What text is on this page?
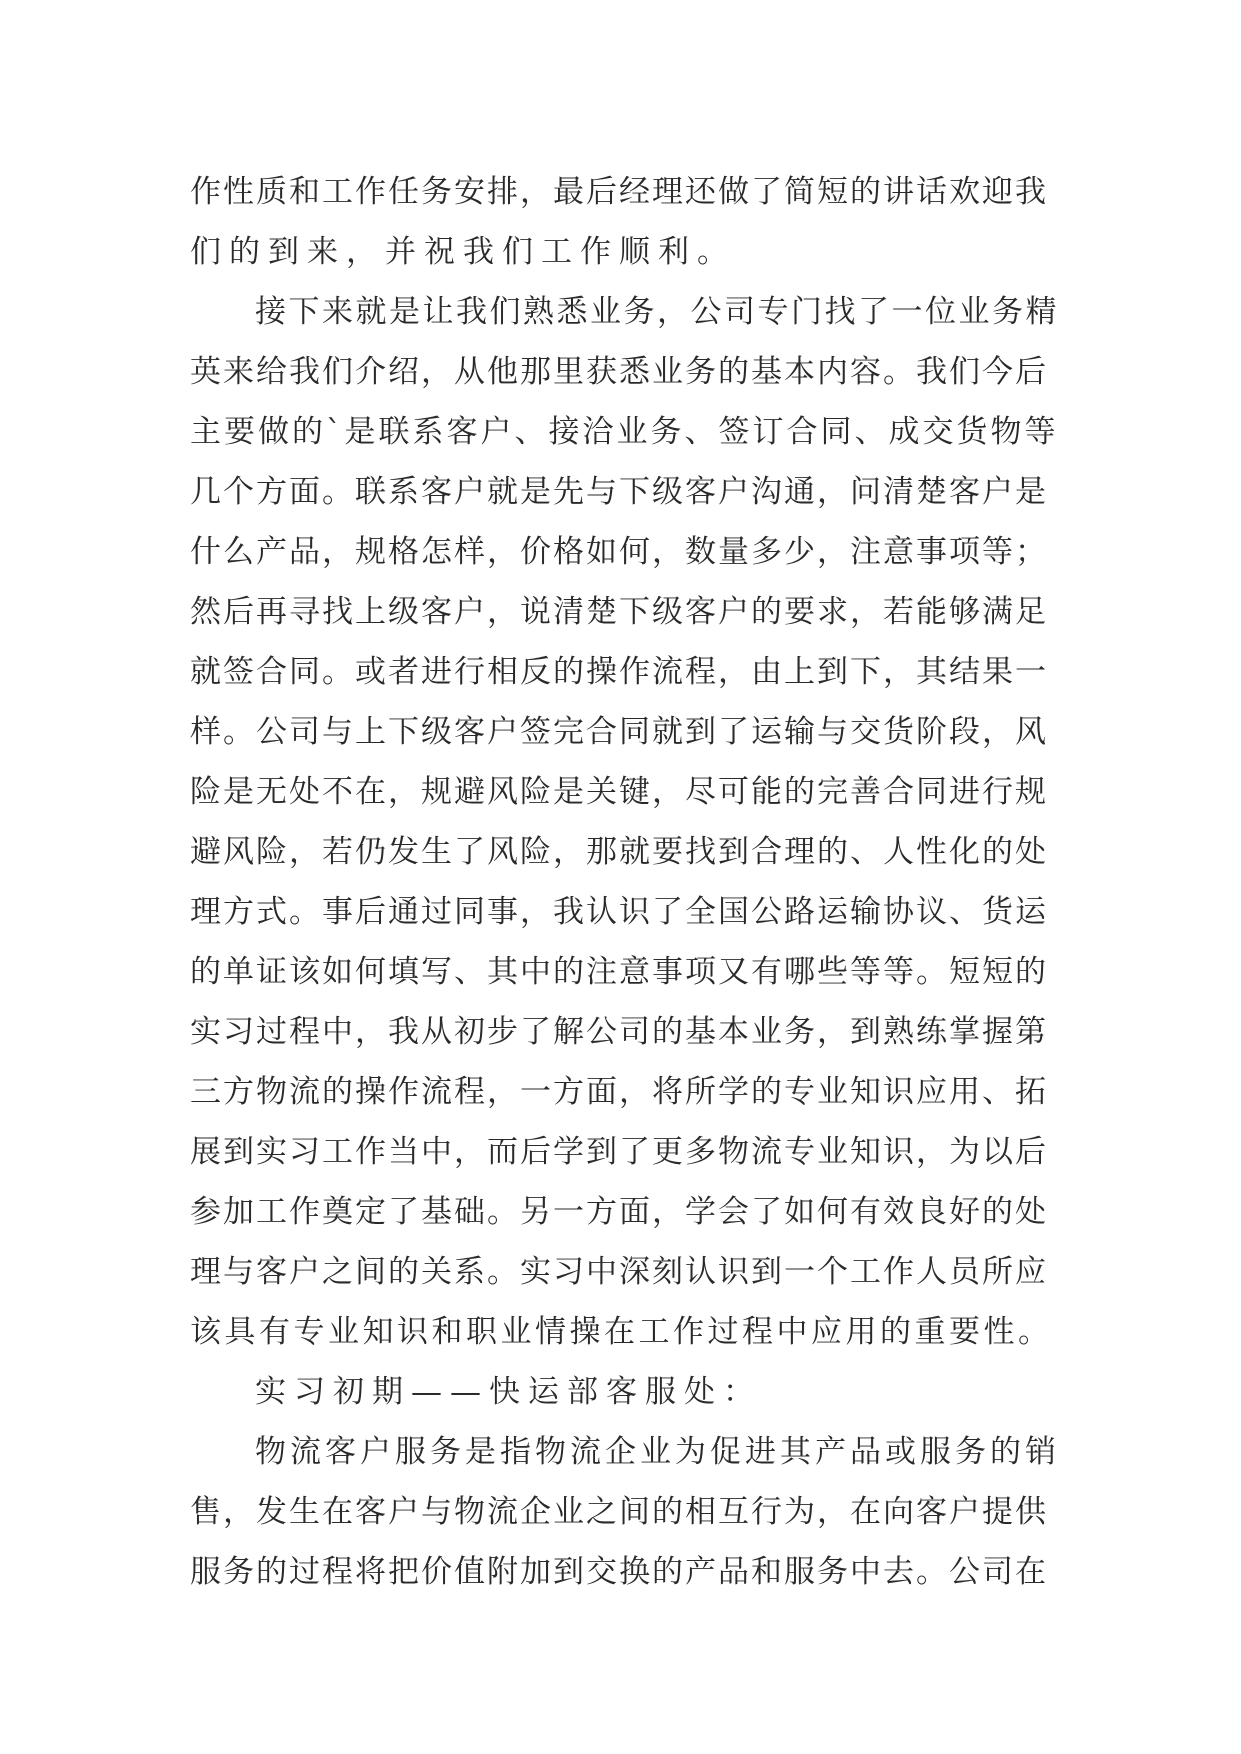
作性质和工作任务安排，最后经理还做了简短的讲话欢迎我
们的到来，并祝我们工作顺利。
接下来就是让我们熟悉业务，公司专门找了一位业务精
英来给我们介绍，从他那里获悉业务的基本内容。我们今后
主要做的`是联系客户、接洽业务、签订合同、成交货物等
几个方面。联系客户就是先与下级客户沟通，问清楚客户是
什么产品，规格怎样，价格如何，数量多少，注意事项等；
然后再寻找上级客户，说清楚下级客户的要求，若能够满足
就签合同。或者进行相反的操作流程，由上到下，其结果一
样。公司与上下级客户签完合同就到了运输与交货阶段，风
险是无处不在，规避风险是关键，尽可能的完善合同进行规
避风险，若仍发生了风险，那就要找到合理的、人性化的处
理方式。事后通过同事，我认识了全国公路运输协议、货运
的单证该如何填写、其中的注意事项又有哪些等等。短短的
实习过程中，我从初步了解公司的基本业务，到熟练掌握第
三方物流的操作流程，一方面，将所学的专业知识应用、拓
展到实习工作当中，而后学到了更多物流专业知识，为以后
参加工作奠定了基础。另一方面，学会了如何有效良好的处
理与客户之间的关系。实习中深刻认识到一个工作人员所应
该具有专业知识和职业情操在工作过程中应用的重要性。
实习初期——快运部客服处：
物流客户服务是指物流企业为促进其产品或服务的销
售，发生在客户与物流企业之间的相互行为，在向客户提供
服务的过程将把价值附加到交换的产品和服务中去。公司在
